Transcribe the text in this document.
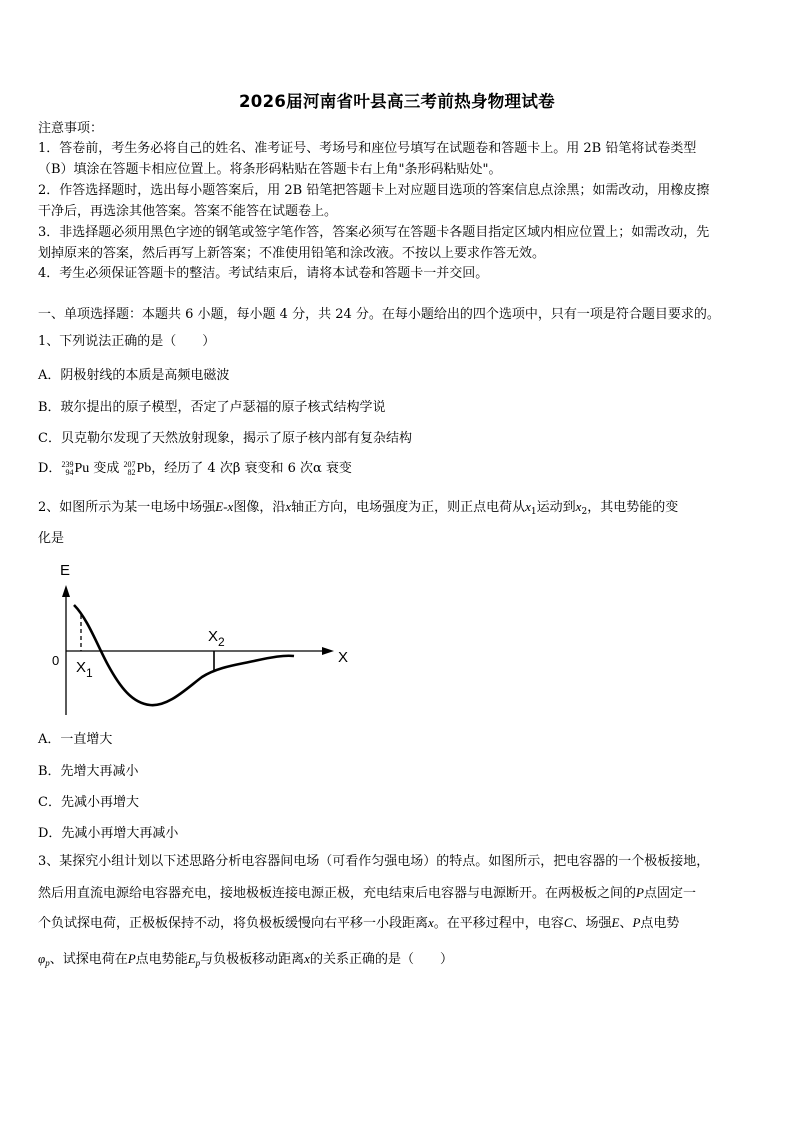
2026届河南省叶县高三考前热身物理试卷
注意事项：
1．答卷前，考生务必将自己的姓名、准考证号、考场号和座位号填写在试题卷和答题卡上。用 2B 铅笔将试卷类型
（B）填涂在答题卡相应位置上。将条形码粘贴在答题卡右上角"条形码粘贴处"。
2．作答选择题时，选出每小题答案后，用 2B 铅笔把答题卡上对应题目选项的答案信息点涂黑；如需改动，用橡皮擦
干净后，再选涂其他答案。答案不能答在试题卷上。
3．非选择题必须用黑色字迹的钢笔或签字笔作答，答案必须写在答题卡各题目指定区域内相应位置上；如需改动，先
划掉原来的答案，然后再写上新答案；不准使用铅笔和涂改液。不按以上要求作答无效。
4．考生必须保证答题卡的整洁。考试结束后，请将本试卷和答题卡一并交回。
一、单项选择题：本题共 6 小题，每小题 4 分，共 24 分。在每小题给出的四个选项中，只有一项是符合题目要求的。
1、下列说法正确的是（　　）
A．阴极射线的本质是高频电磁波
B．玻尔提出的原子模型，否定了卢瑟福的原子核式结构学说
C．贝克勒尔发现了天然放射现象，揭示了原子核内部有复杂结构
D． 239
94 Pu 变成 207
82 Pb，经历了 4 次β 衰变和 6 次α 衰变
2、如图所示为某一电场中场强E-x图像，沿x轴正方向，电场强度为正，则正点电荷从$x_1$运动到$x_2$，其电势能的变
化是
E
X
0 $X_1$
$X_2$
A．一直增大
B．先增大再减小
C．先减小再增大
D．先减小再增大再减小
3、某探究小组计划以下述思路分析电容器间电场（可看作匀强电场）的特点。如图所示，把电容器的一个极板接地，
然后用直流电源给电容器充电，接地极板连接电源正极，充电结束后电容器与电源断开。在两极板之间的P点固定一
个负试探电荷，正极板保持不动，将负极板缓慢向右平移一小段距离x。在平移过程中，电容C、场强E、P点电势
$\varphi_p$、试探电荷在P点电势能$E_p$与负极板移动距离x的关系正确的是（　　）
